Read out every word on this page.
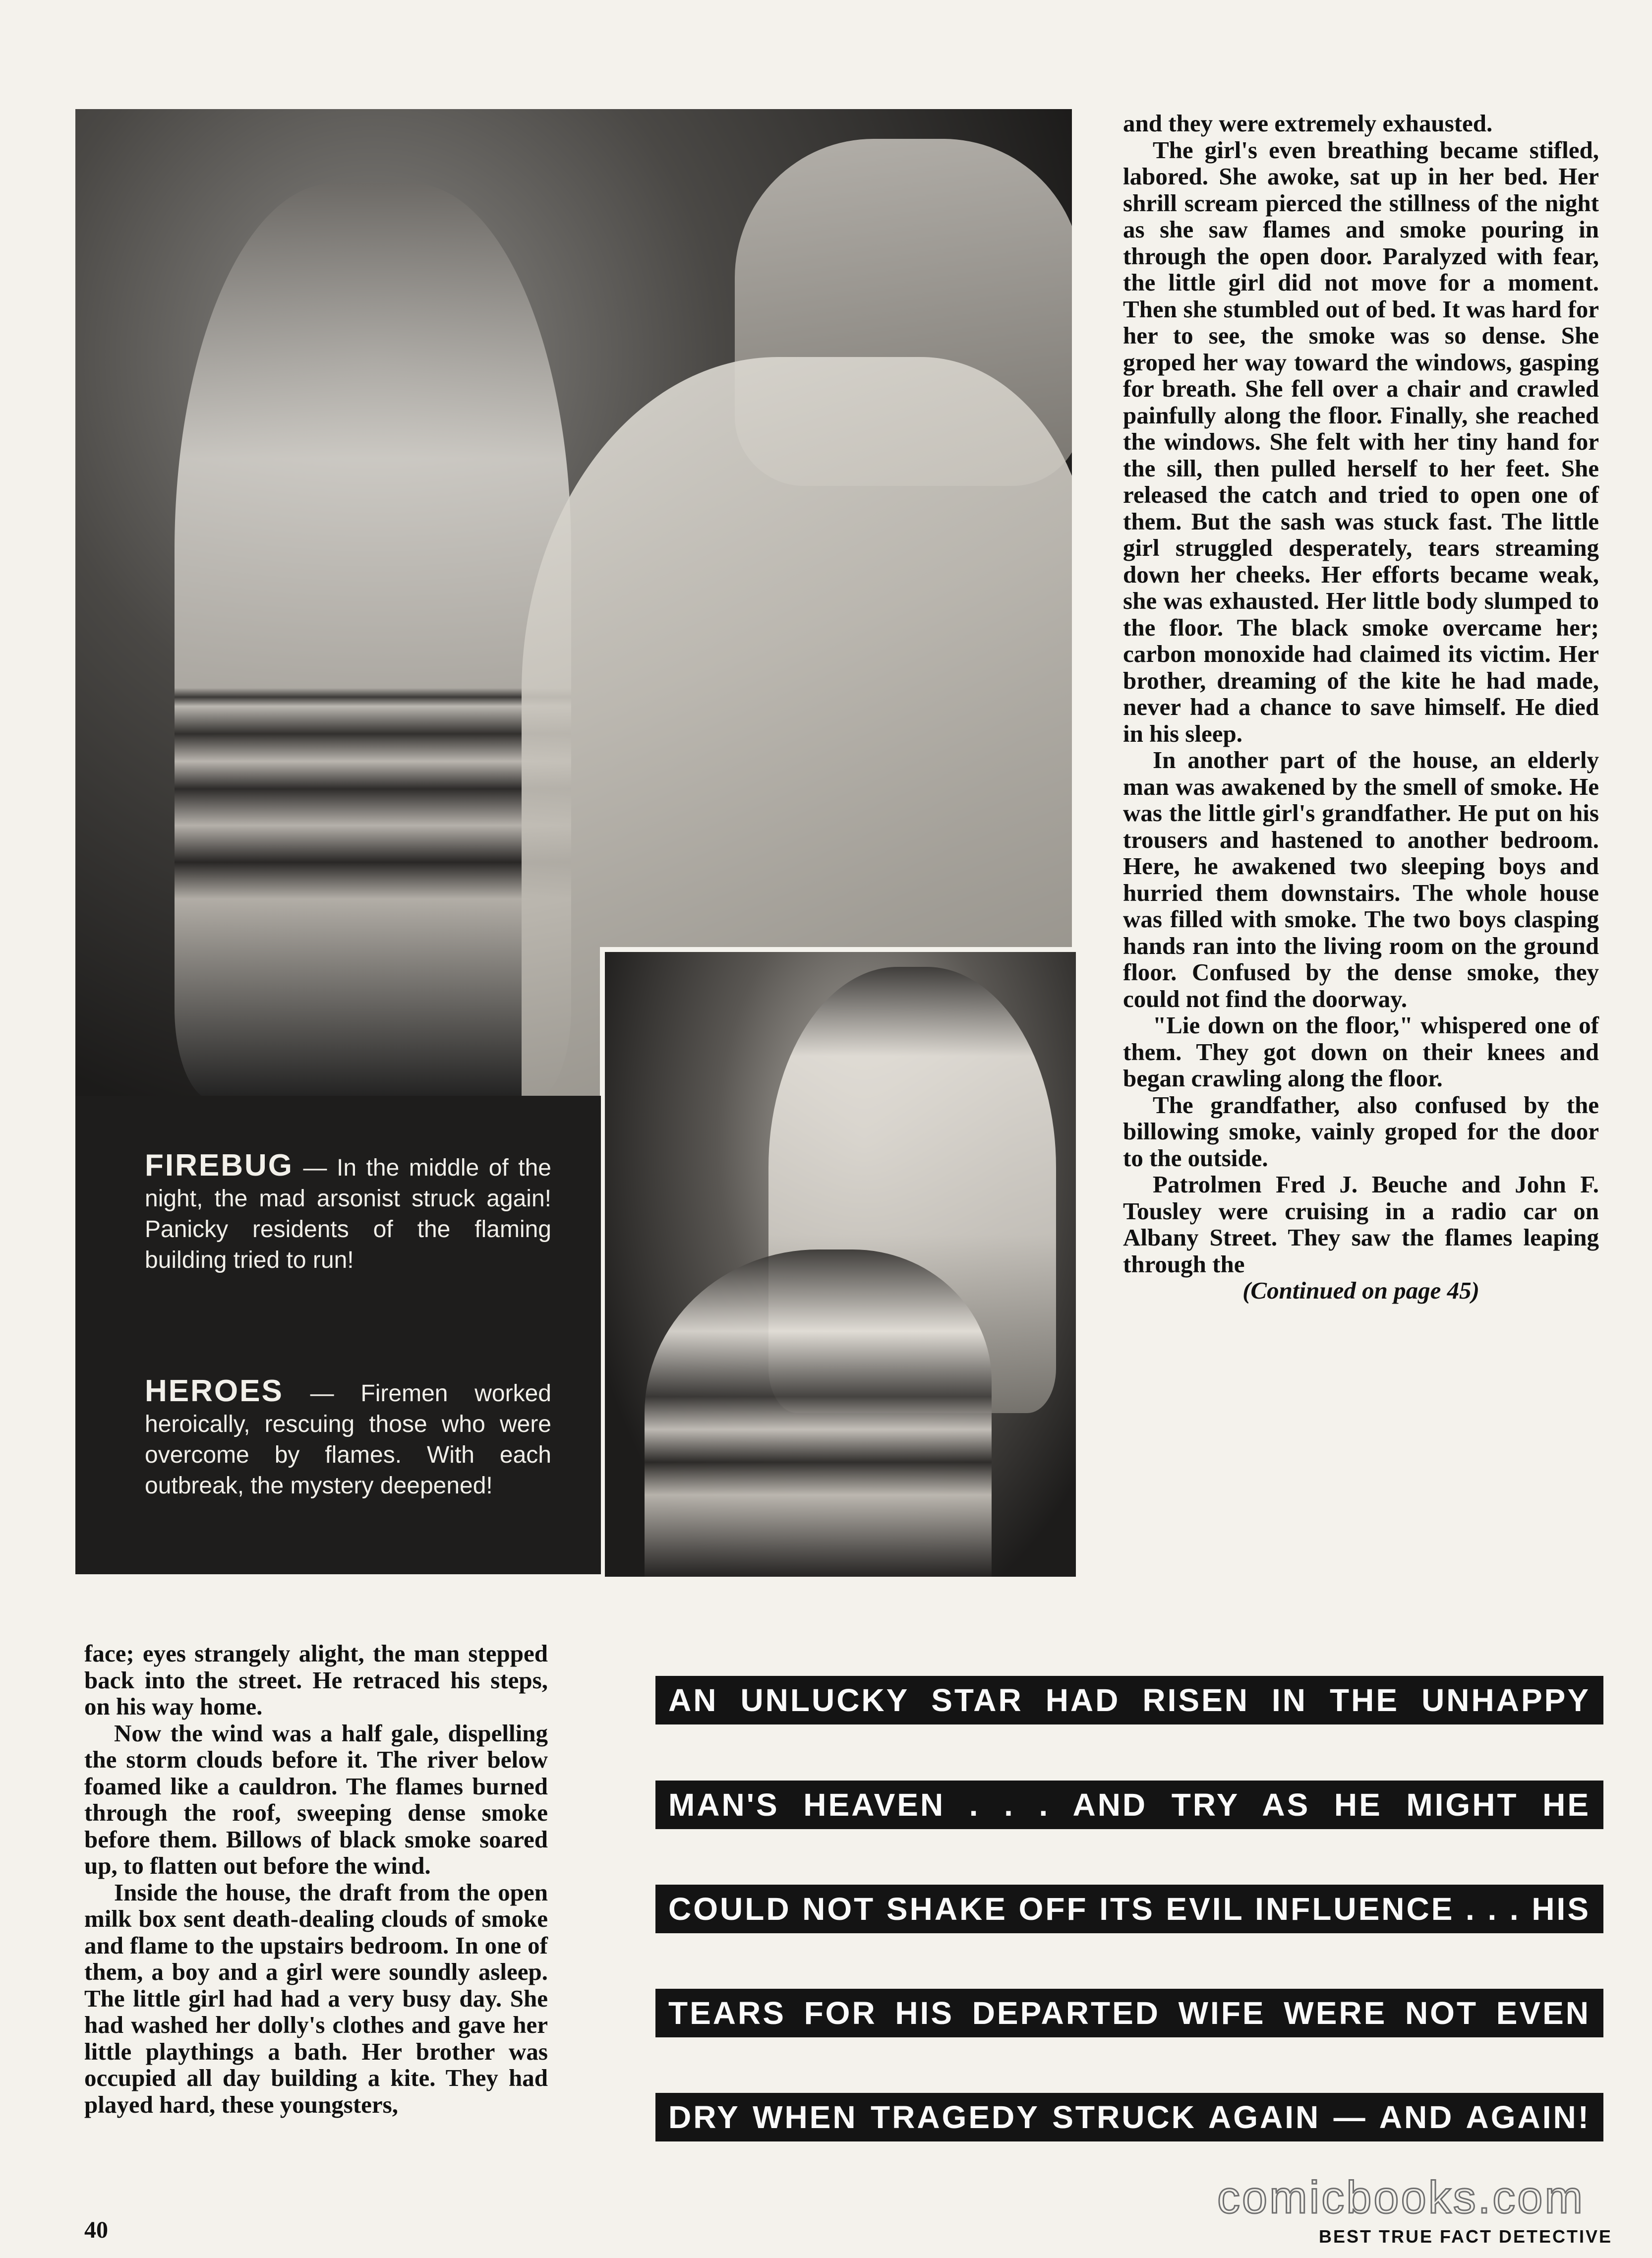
FIREBUG — In the middle of the night, the mad arsonist struck again! Panicky residents of the flaming building tried to run!
HEROES — Firemen worked heroically, rescuing those who were overcome by flames. With each outbreak, the mystery deepened!

and they were extremely exhausted.

The girl's even breathing became stifled, labored. She awoke, sat up in her bed. Her shrill scream pierced the stillness of the night as she saw flames and smoke pouring in through the open door. Paralyzed with fear, the little girl did not move for a moment. Then she stumbled out of bed. It was hard for her to see, the smoke was so dense. She groped her way toward the windows, gasping for breath. She fell over a chair and crawled painfully along the floor. Finally, she reached the windows. She felt with her tiny hand for the sill, then pulled herself to her feet. She released the catch and tried to open one of them. But the sash was stuck fast. The little girl struggled desperately, tears streaming down her cheeks. Her efforts became weak, she was exhausted. Her little body slumped to the floor. The black smoke overcame her; carbon monoxide had claimed its victim. Her brother, dreaming of the kite he had made, never had a chance to save himself. He died in his sleep.

In another part of the house, an elderly man was awakened by the smell of smoke. He was the little girl's grandfather. He put on his trousers and hastened to another bedroom. Here, he awakened two sleeping boys and hurried them downstairs. The whole house was filled with smoke. The two boys clasping hands ran into the living room on the ground floor. Confused by the dense smoke, they could not find the doorway.

"Lie down on the floor," whispered one of them. They got down on their knees and began crawling along the floor.

The grandfather, also confused by the billowing smoke, vainly groped for the door to the outside.

Patrolmen Fred J. Beuche and John F. Tousley were cruising in a radio car on Albany Street. They saw the flames leaping through the

(Continued on page 45)

face; eyes strangely alight, the man stepped back into the street. He retraced his steps, on his way home.

Now the wind was a half gale, dispelling the storm clouds before it. The river below foamed like a cauldron. The flames burned through the roof, sweeping dense smoke before them. Billows of black smoke soared up, to flatten out before the wind.

Inside the house, the draft from the open milk box sent death-dealing clouds of smoke and flame to the upstairs bedroom. In one of them, a boy and a girl were soundly asleep. The little girl had had a very busy day. She had washed her dolly's clothes and gave her little playthings a bath. Her brother was occupied all day building a kite. They had played hard, these youngsters,

AN UNLUCKY STAR HAD RISEN IN THE UNHAPPY
MAN'S HEAVEN . . . AND TRY AS HE MIGHT HE
COULD NOT SHAKE OFF ITS EVIL INFLUENCE . . . HIS
TEARS FOR HIS DEPARTED WIFE WERE NOT EVEN
DRY WHEN TRAGEDY STRUCK AGAIN — AND AGAIN!
40
comicbooks.com
BEST TRUE FACT DETECTIVE
